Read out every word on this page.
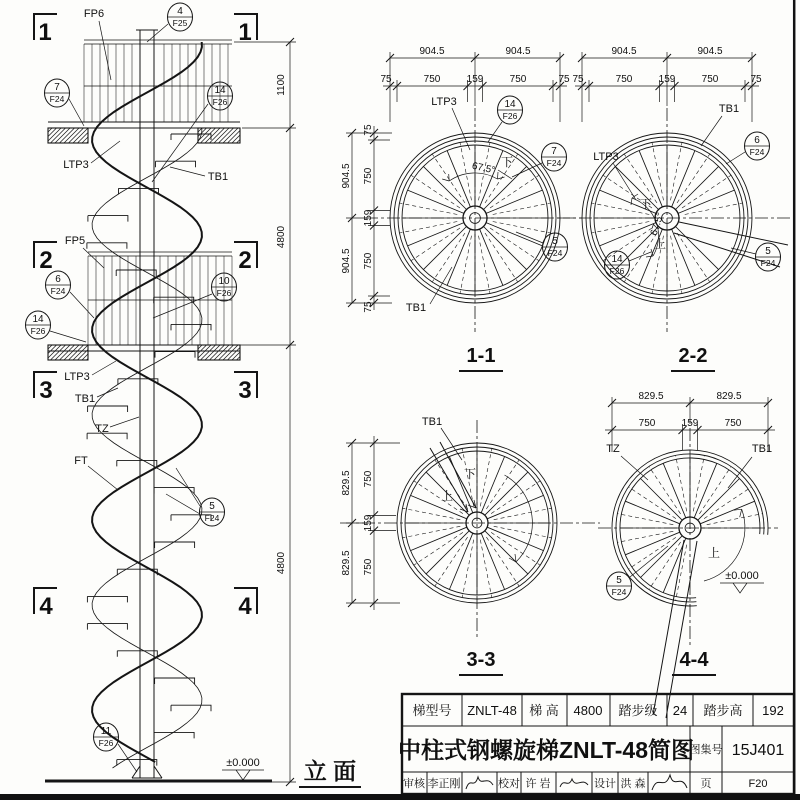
1	1
2	2
3	3
4	4
1100
4800
4800
FP6
FP5
LTP3
TB1
LTP3
TB1
TZ
FT
4
F25
7
F24
14
F26
6
F24
10
F26
14
F26
5
F24
11
F26
±0.000 立 面
904.5	904.5
75	750	159	750	75
904.5
904.5
75
750
159
750
75
LTP3
TB1
67.5° 下
14
F26
7
F24
5
F24
1-1
904.5	904.5
75	750	159	750	75
LTP3
TB1
67.5°
下
上
6
F24
5
F24
14
F26
2-2
829.5
829.5
750
159
750
TB1
下
上
3-3
829.5	829.5
750	159	750
TZ	TB1
上
±0.000
5
F24
4-4
梯型号 ZNLT-48 梯 高 4800 踏步级 24 踏步高 192
中柱式钢螺旋梯ZNLT-48简图
图集号 15J401
审核 李正刚	校对 许 岩	设计 洪 森	页	F20
